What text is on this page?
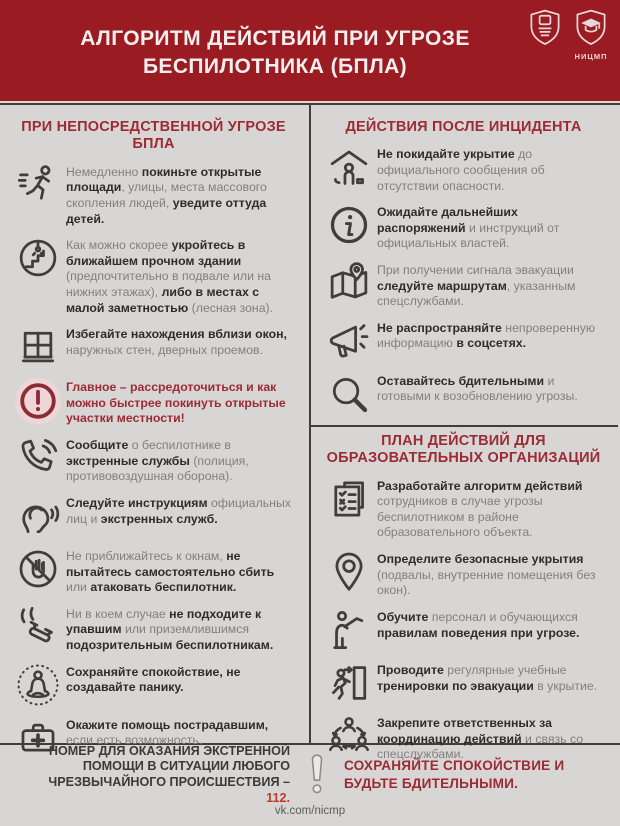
АЛГОРИТМ ДЕЙСТВИЙ ПРИ УГРОЗЕ БЕСПИЛОТНИКА (БПЛА)	НИЦМП
ПРИ НЕПОСРЕДСТВЕННОЙ УГРОЗЕ БПЛА

Немедленно покиньте открытые площади, улицы, места массового скопления людей, уведите оттуда детей.

Как можно скорее укройтесь в ближайшем прочном здании (предпочтительно в подвале или на нижних этажах), либо в местах с малой заметностью (лесная зона).

Избегайте нахождения вблизи окон, наружных стен, дверных проемов.

Главное – рассредоточиться и как можно быстрее покинуть открытые участки местности!

Сообщите о беспилотнике в экстренные службы (полиция, противовоздушная оборона).

Следуйте инструкциям официальных лиц и экстренных служб.

Не приближайтесь к окнам, не пытайтесь самостоятельно сбить или атаковать беспилотник.

Ни в коем случае не подходите к упавшим или приземлившимся подозрительным беспилотникам.

Сохраняйте спокойствие, не создавайте панику.

Окажите помощь пострадавшим, если есть возможность.

ДЕЙСТВИЯ ПОСЛЕ ИНЦИДЕНТА

Не покидайте укрытие до официального сообщения об отсутствии опасности.

Ожидайте дальнейших распоряжений и инструкций от официальных властей.

При получении сигнала эвакуации следуйте маршрутам, указанным спецслужбами.

Не распространяйте непроверенную информацию в соцсетях.

Оставайтесь бдительными и готовыми к возобновлению угрозы.

ПЛАН ДЕЙСТВИЙ ДЛЯ ОБРАЗОВАТЕЛЬНЫХ ОРГАНИЗАЦИЙ

Разработайте алгоритм действий сотрудников в случае угрозы беспилотником в районе образовательного объекта.

Определите безопасные укрытия (подвалы, внутренние помещения без окон).

Обучите персонал и обучающихся правилам поведения при угрозе.

Проводите регулярные учебные тренировки по эвакуации в укрытие.

Закрепите ответственных за координацию действий и связь со спецслужбами.

НОМЕР ДЛЯ ОКАЗАНИЯ ЭКСТРЕННОЙ ПОМОЩИ В СИТУАЦИИ ЛЮБОГО ЧРЕЗВЫЧАЙНОГО ПРОИСШЕСТВИЯ – 112.
СОХРАНЯЙТЕ СПОКОЙСТВИЕ И БУДЬТЕ БДИТЕЛЬНЫМИ.
vk.com/nicmp
